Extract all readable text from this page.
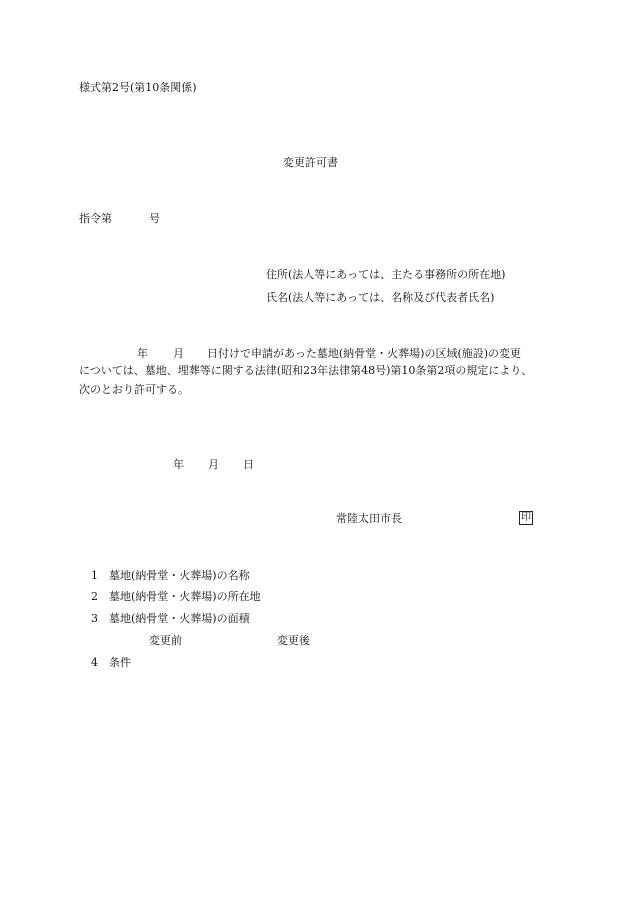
様式第2号(第10条関係)
変更許可書
指令第	号
住所(法人等にあっては、主たる事務所の所在地)
氏名(法人等にあっては、名称及び代表者氏名)
年 月 日付けで申請があった墓地(納骨堂・火葬場)の区域(施設)の変更
については、墓地、埋葬等に関する法律(昭和23年法律第48号)第10条第2項の規定により、
次のとおり許可する。
年 月 日
常陸太田市長	印
1 墓地(納骨堂・火葬場)の名称
2 墓地(納骨堂・火葬場)の所在地
3 墓地(納骨堂・火葬場)の面積
変更前	変更後
4 条件
